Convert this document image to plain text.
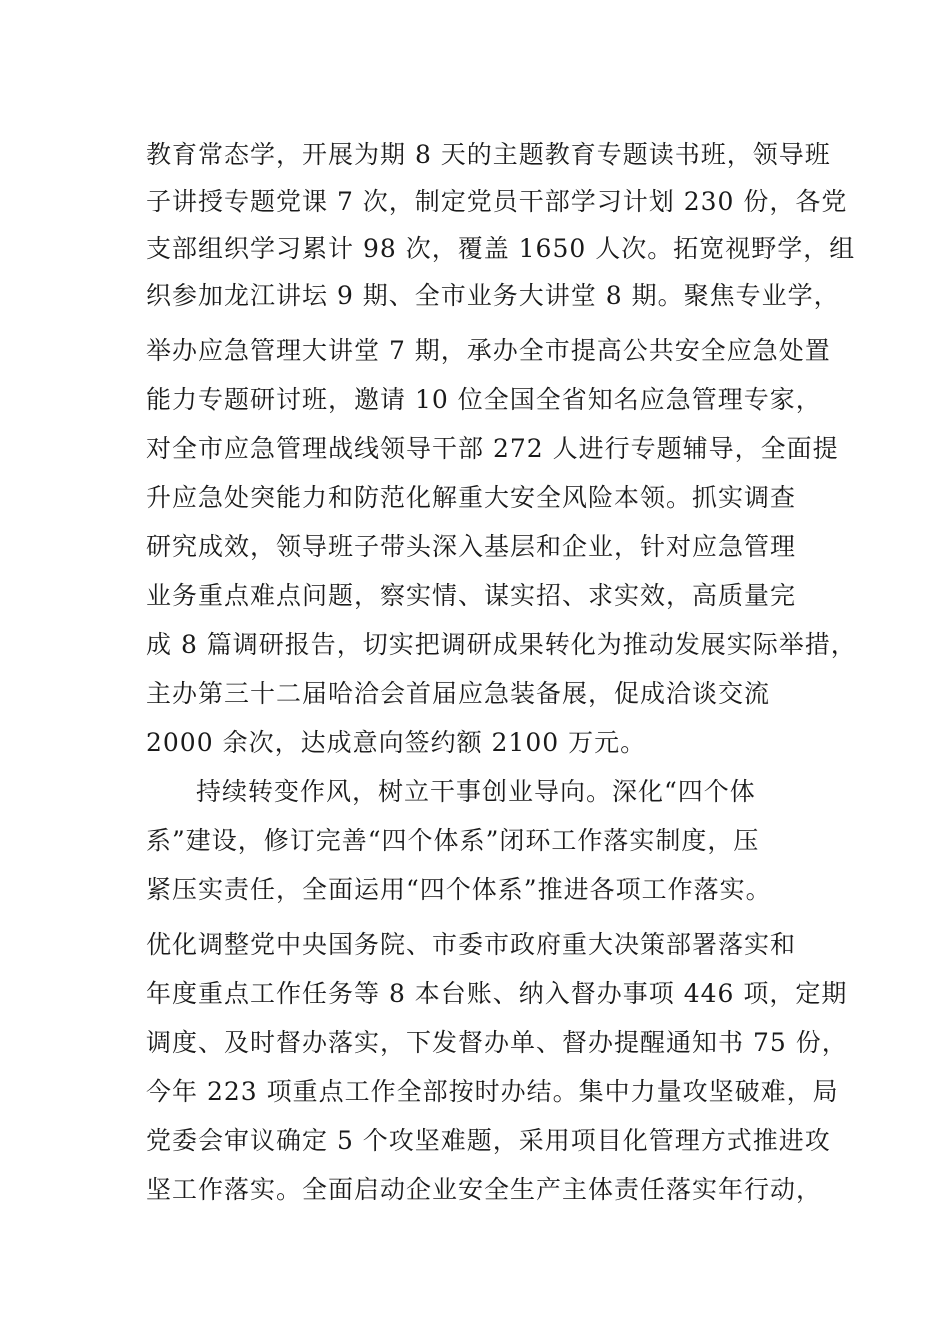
教育常态学，开展为期 8 天的主题教育专题读书班，领导班
子讲授专题党课 7 次，制定党员干部学习计划 230 份，各党
支部组织学习累计 98 次，覆盖 1650 人次。拓宽视野学，组
织参加龙江讲坛 9 期、全市业务大讲堂 8 期。聚焦专业学，
举办应急管理大讲堂 7 期，承办全市提高公共安全应急处置
能力专题研讨班，邀请 10 位全国全省知名应急管理专家，
对全市应急管理战线领导干部 272 人进行专题辅导，全面提
升应急处突能力和防范化解重大安全风险本领。抓实调查
研究成效，领导班子带头深入基层和企业，针对应急管理
业务重点难点问题，察实情、谋实招、求实效，高质量完
成 8 篇调研报告，切实把调研成果转化为推动发展实际举措，
主办第三十二届哈洽会首届应急装备展，促成洽谈交流
2000 余次，达成意向签约额 2100 万元。
持续转变作风，树立干事创业导向。深化“四个体
系”建设，修订完善“四个体系”闭环工作落实制度，压
紧压实责任，全面运用“四个体系”推进各项工作落实。
优化调整党中央国务院、市委市政府重大决策部署落实和
年度重点工作任务等 8 本台账、纳入督办事项 446 项，定期
调度、及时督办落实，下发督办单、督办提醒通知书 75 份，
今年 223 项重点工作全部按时办结。集中力量攻坚破难，局
党委会审议确定 5 个攻坚难题，采用项目化管理方式推进攻
坚工作落实。全面启动企业安全生产主体责任落实年行动，
